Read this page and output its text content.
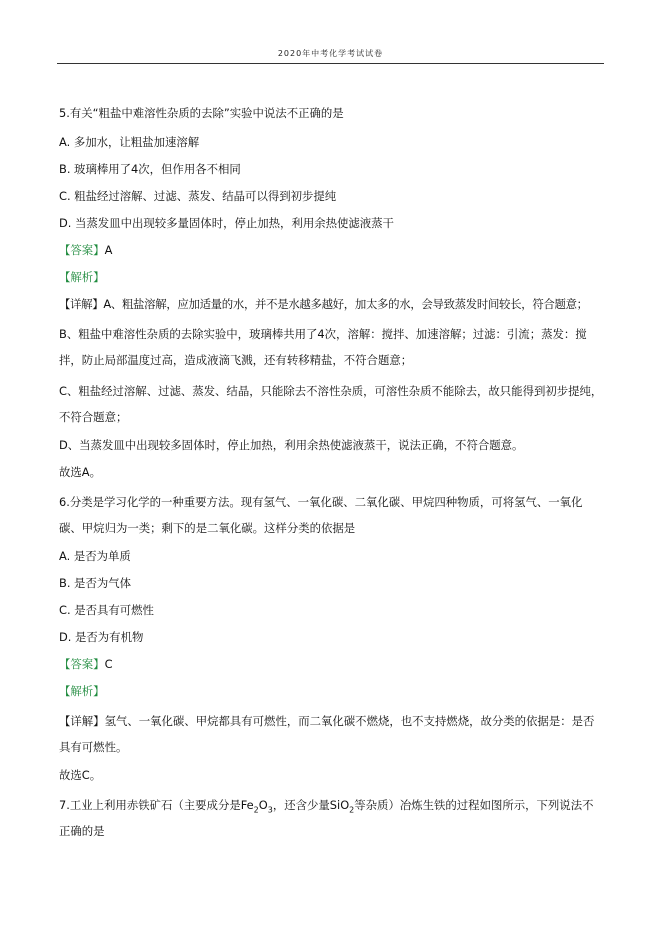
2020年中考化学考试试卷
5.有关“粗盐中难溶性杂质的去除”实验中说法不正确的是
A. 多加水，让粗盐加速溶解
B. 玻璃棒用了4次，但作用各不相同
C. 粗盐经过溶解、过滤、蒸发、结晶可以得到初步提纯
D. 当蒸发皿中出现较多量固体时，停止加热，利用余热使滤液蒸干
【答案】A
【解析】
【详解】A、粗盐溶解，应加适量的水，并不是水越多越好，加太多的水，会导致蒸发时间较长，符合题意；
B、粗盐中难溶性杂质的去除实验中，玻璃棒共用了4次，溶解：搅拌、加速溶解；过滤：引流；蒸发：搅拌，防止局部温度过高，造成液滴飞溅，还有转移精盐，不符合题意；
C、粗盐经过溶解、过滤、蒸发、结晶，只能除去不溶性杂质，可溶性杂质不能除去，故只能得到初步提纯，不符合题意；
D、当蒸发皿中出现较多固体时，停止加热，利用余热使滤液蒸干，说法正确，不符合题意。
故选A。
6.分类是学习化学的一种重要方法。现有氢气、一氧化碳、二氧化碳、甲烷四种物质，可将氢气、一氧化碳、甲烷归为一类；剩下的是二氧化碳。这样分类的依据是
A. 是否为单质
B. 是否为气体
C. 是否具有可燃性
D. 是否为有机物
【答案】C
【解析】
【详解】氢气、一氧化碳、甲烷都具有可燃性，而二氧化碳不燃烧，也不支持燃烧，故分类的依据是：是否具有可燃性。
故选C。
7.工业上利用赤铁矿石（主要成分是$Fe_2O_3$，还含少量SiO$_2$等杂质）冶炼生铁的过程如图所示，下列说法不正确的是
